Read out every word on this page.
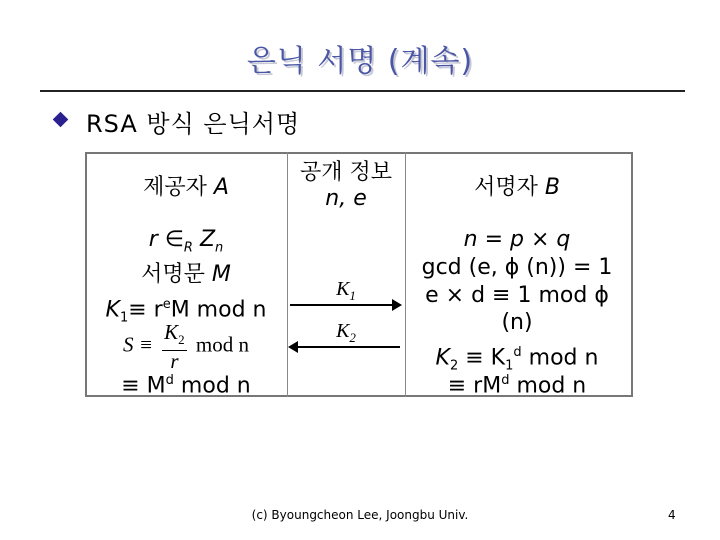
은닉 서명 (계속)
RSA 방식 은닉서명
제공자 A
공개 정보
n, e	서명자 B
r $\in_R$ $Z_n$
서명문 M
$K_1\equiv r^eM$ mod n
$S \equiv \frac{K_2}{r}$ mod n
≡ $M^d$ mod n
$K_1$
$K_2$
n = p × q
gcd (e, ϕ (n)) = 1
e × d ≡ 1 mod ϕ
(n)
$K_2 \equiv K_1^d$ mod n
≡ $rM^d$ mod n
(c) Byoungcheon Lee, Joongbu Univ.	4
